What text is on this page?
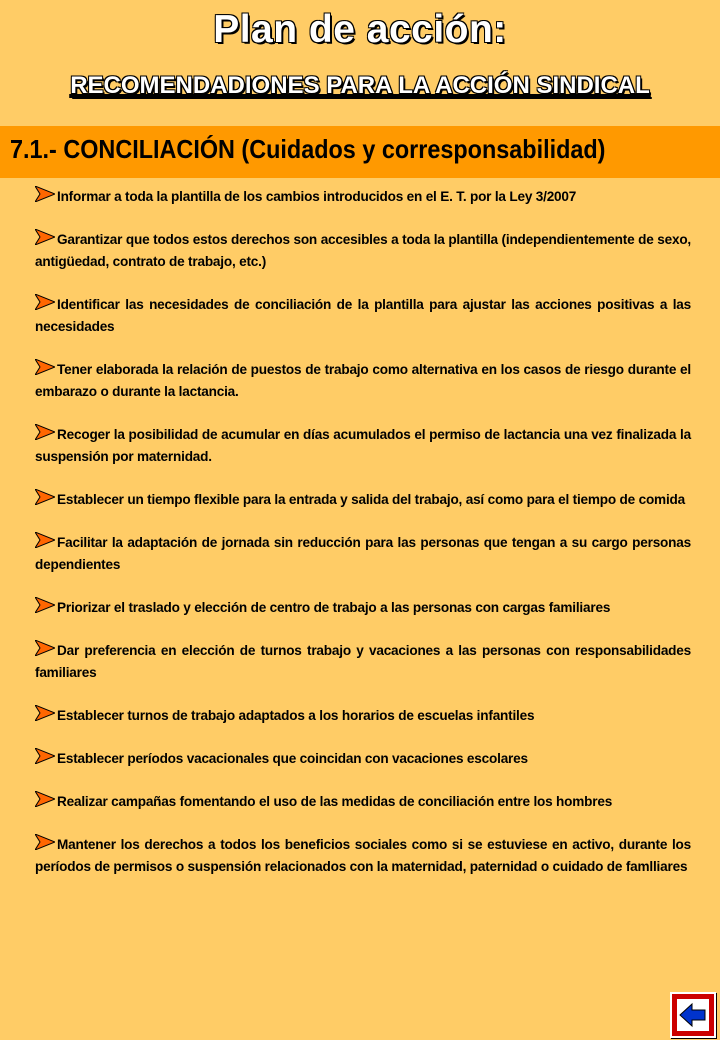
Plan de acción:
RECOMENDADIONES PARA LA ACCIÓN SINDICAL
7.1.- CONCILIACIÓN (Cuidados y corresponsabilidad)
Informar a toda la plantilla de los cambios introducidos en el E. T. por la Ley 3/2007
Garantizar que todos estos derechos son accesibles a toda la plantilla (independientemente de sexo, antigüedad, contrato de trabajo, etc.)
Identificar las necesidades de conciliación de la plantilla para ajustar las acciones positivas a las necesidades
Tener elaborada la relación de puestos de trabajo como alternativa en los casos de riesgo durante el embarazo o durante la lactancia.
Recoger la posibilidad de acumular en días acumulados el permiso de lactancia una vez finalizada la suspensión por maternidad.
Establecer un tiempo flexible para la entrada y salida del trabajo, así como para el tiempo de comida
Facilitar la adaptación de jornada sin reducción para las personas que tengan a su cargo personas dependientes
Priorizar el traslado y elección de centro de trabajo a las personas con cargas familiares
Dar preferencia en elección de turnos trabajo y vacaciones a las personas con responsabilidades familiares
Establecer turnos de trabajo adaptados a los horarios de escuelas infantiles
Establecer períodos vacacionales que coincidan con vacaciones escolares
Realizar campañas fomentando el uso de las medidas de conciliación entre los hombres
Mantener los derechos a todos los beneficios sociales como si se estuviese en activo, durante los períodos de permisos o suspensión relacionados con la maternidad, paternidad o cuidado de famlliares
